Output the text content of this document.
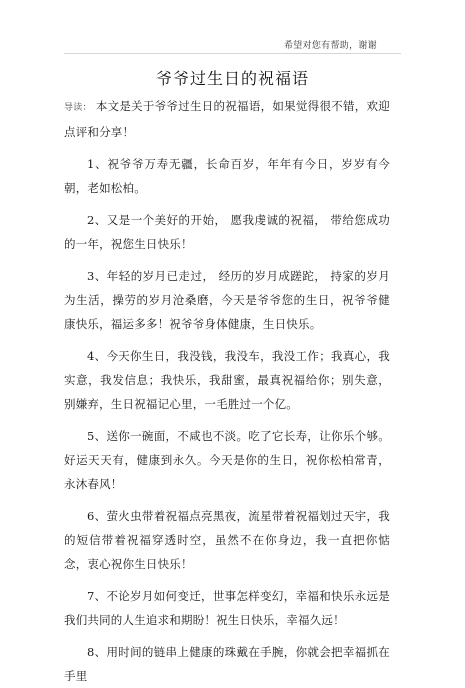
希望对您有帮助，谢谢
爷爷过生日的祝福语

导读： 本文是关于爷爷过生日的祝福语，如果觉得很不错，欢迎点评和分享！

1、祝爷爷万寿无疆，长命百岁，年年有今日，岁岁有今朝，老如松柏。

2、又是一个美好的开始， 愿我虔诚的祝福， 带给您成功的一年，祝您生日快乐！

3、年轻的岁月已走过， 经历的岁月成蹉跎， 持家的岁月为生活，操劳的岁月沧桑磨，今天是爷爷您的生日，祝爷爷健康快乐，福运多多！祝爷爷身体健康，生日快乐。

4、今天你生日，我没钱，我没车，我没工作；我真心，我实意，我发信息；我快乐，我甜蜜，最真祝福给你；别失意，别嫌弃，生日祝福记心里，一毛胜过一个亿。

5、送你一碗面，不咸也不淡。吃了它长寿，让你乐个够。好运天天有，健康到永久。今天是你的生日，祝你松柏常青，永沐春风！

6、萤火虫带着祝福点亮黑夜，流星带着祝福划过天宇，我的短信带着祝福穿透时空，虽然不在你身边，我一直把你惦念，衷心祝你生日快乐！

7、不论岁月如何变迁，世事怎样变幻，幸福和快乐永远是我们共同的人生追求和期盼！祝生日快乐，幸福久远！

8、用时间的链串上健康的珠戴在手腕，你就会把幸福抓在手里
